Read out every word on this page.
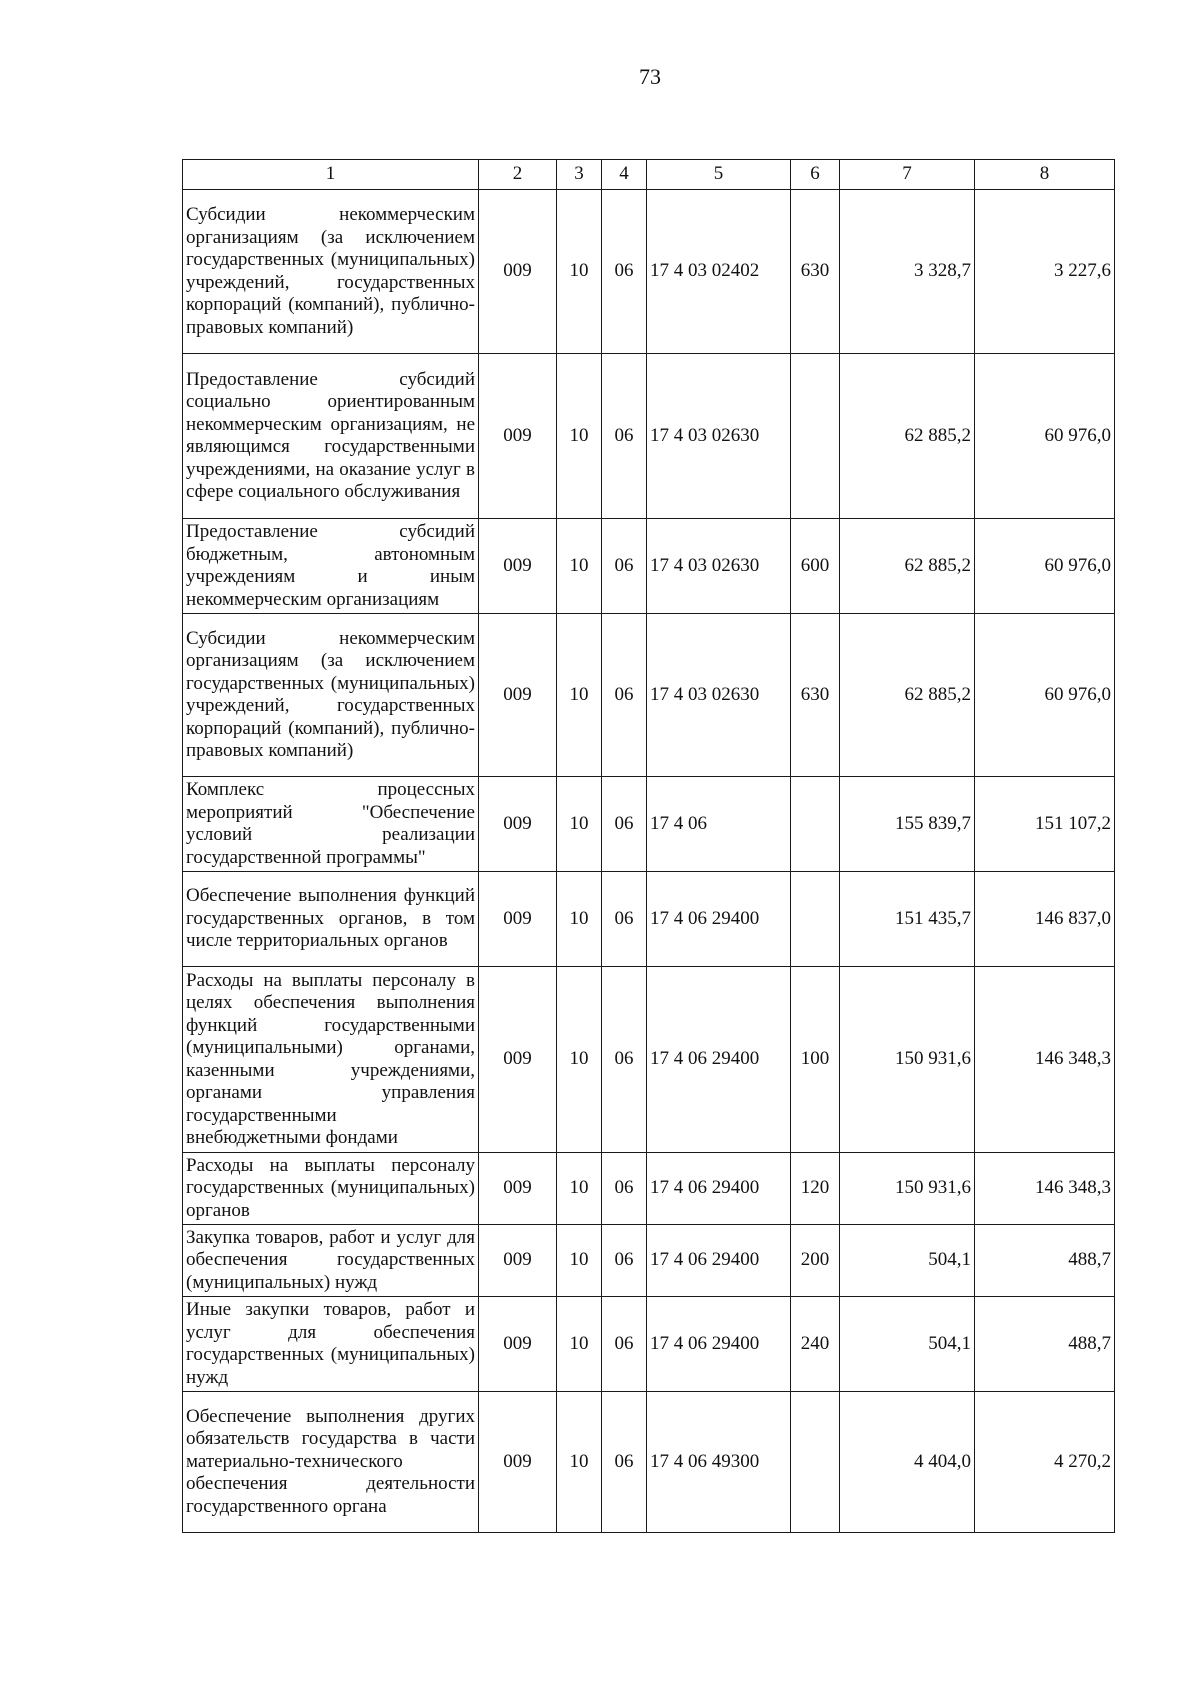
73
1	2	3	4	5	6	7	8
Субсидии некоммерческим организациям (за исключением государственных (муниципальных) учреждений, государственных корпораций (компаний), публично-правовых компаний)	009	10	06	17 4 03 02402	630	3 328,7	3 227,6
Предоставление субсидий социально ориентированным некоммерческим организациям, не являющимся государственными учреждениями, на оказание услуг в сфере социального обслуживания	009	10	06	17 4 03 02630		62 885,2	60 976,0
Предоставление субсидий бюджетным, автономным учреждениям и иным некоммерческим организациям	009	10	06	17 4 03 02630	600	62 885,2	60 976,0
Субсидии некоммерческим организациям (за исключением государственных (муниципальных) учреждений, государственных корпораций (компаний), публично-правовых компаний)	009	10	06	17 4 03 02630	630	62 885,2	60 976,0
Комплекс процессных мероприятий "Обеспечение условий реализации государственной программы"	009	10	06	17 4 06		155 839,7	151 107,2
Обеспечение выполнения функций государственных органов, в том числе территориальных органов	009	10	06	17 4 06 29400		151 435,7	146 837,0
Расходы на выплаты персоналу в целях обеспечения выполнения функций государственными (муниципальными) органами, казенными учреждениями, органами управления государственными внебюджетными фондами	009	10	06	17 4 06 29400	100	150 931,6	146 348,3
Расходы на выплаты персоналу государственных (муниципальных) органов	009	10	06	17 4 06 29400	120	150 931,6	146 348,3
Закупка товаров, работ и услуг для обеспечения государственных (муниципальных) нужд	009	10	06	17 4 06 29400	200	504,1	488,7
Иные закупки товаров, работ и услуг для обеспечения государственных (муниципальных) нужд	009	10	06	17 4 06 29400	240	504,1	488,7
Обеспечение выполнения других обязательств государства в части материально-технического обеспечения деятельности государственного органа	009	10	06	17 4 06 49300		4 404,0	4 270,2
